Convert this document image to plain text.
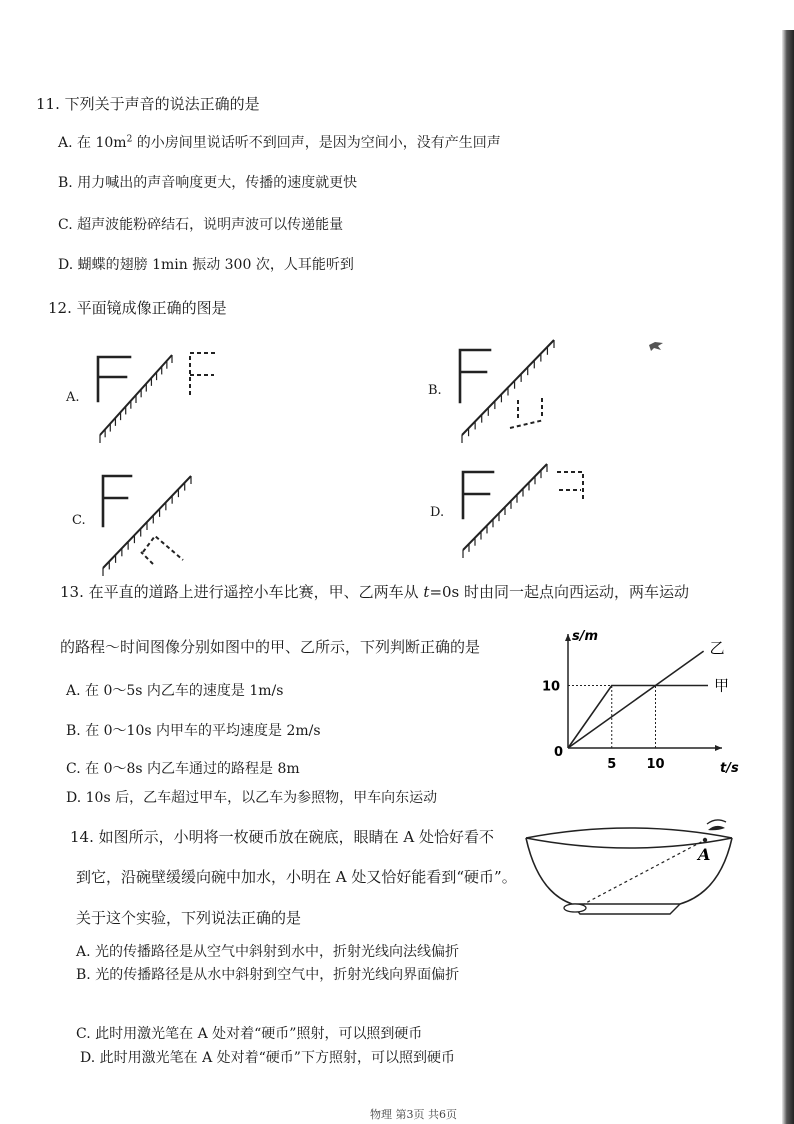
11. 下列关于声音的说法正确的是
A. 在 $10m^2$ 的小房间里说话听不到回声，是因为空间小，没有产生回声
B. 用力喊出的声音响度更大，传播的速度就更快
C. 超声波能粉碎结石，说明声波可以传递能量
D. 蝴蝶的翅膀 1min 振动 300 次，人耳能听到
12. 平面镜成像正确的图是
A.	B.
C.
D.
13. 在平直的道路上进行遥控小车比赛，甲、乙两车从 t=0s 时由同一起点向西运动，两车运动
的路程～时间图像分别如图中的甲、乙所示，下列判断正确的是
A. 在 0～5s 内乙车的速度是 1m/s
B. 在 0～10s 内甲车的平均速度是 2m/s
C. 在 0～8s 内乙车通过的路程是 8m
D. 10s 后，乙车超过甲车，以乙车为参照物，甲车向东运动
甲
乙
5 10
0
10
t/s
s/m
14. 如图所示，小明将一枚硬币放在碗底，眼睛在 A 处恰好看不
到它，沿碗壁缓缓向碗中加水，小明在 A 处又恰好能看到“硬币”。
关于这个实验，下列说法正确的是
A. 光的传播路径是从空气中斜射到水中，折射光线向法线偏折
B. 光的传播路径是从水中斜射到空气中，折射光线向界面偏折
C. 此时用激光笔在 A 处对着“硬币”照射，可以照到硬币
D. 此时用激光笔在 A 处对着“硬币”下方照射，可以照到硬币
A
物理 第3页 共6页
